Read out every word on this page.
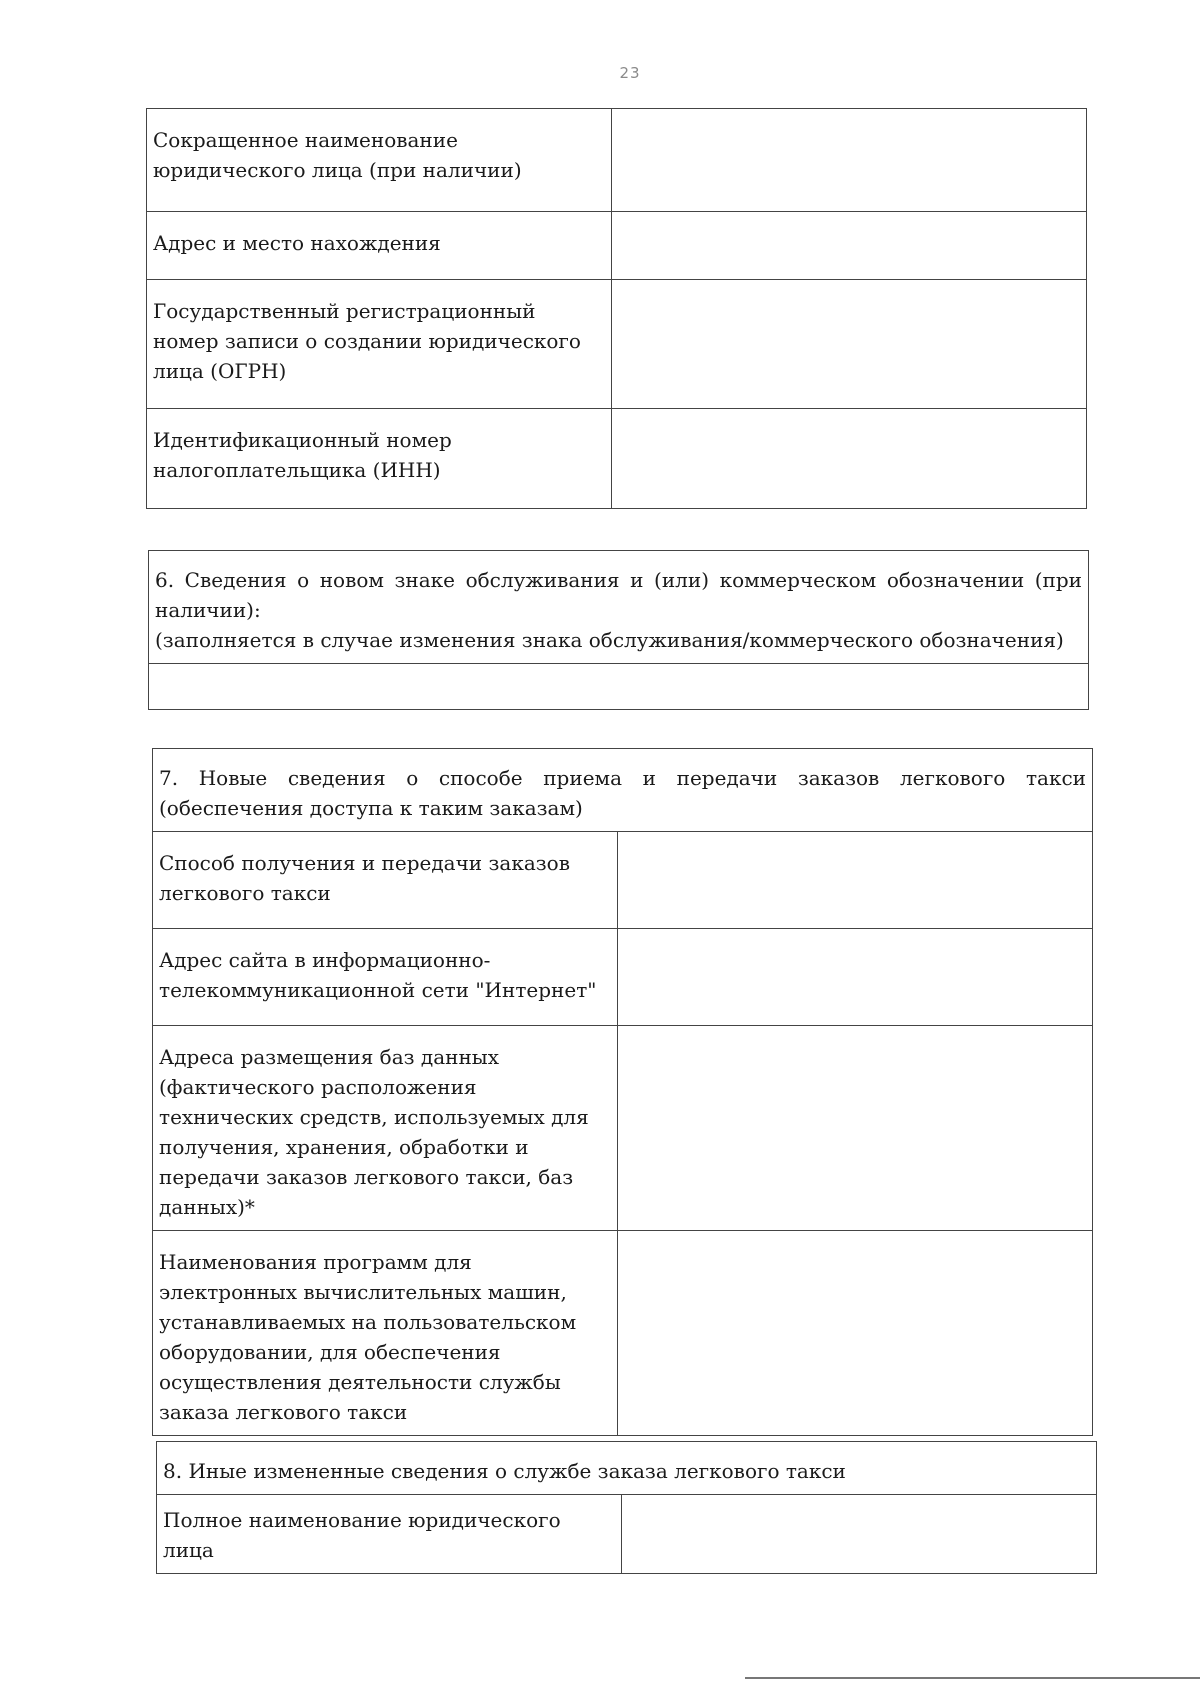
23
Сокращенное наименование юридического лица (при наличии)	
Адрес и место нахождения	
Государственный регистрационный номер записи о создании юридического лица (ОГРН)	
Идентификационный номер налогоплательщика (ИНН)	
6. Сведения о новом знаке обслуживания и (или) коммерческом обозначении (при наличии):
(заполняется в случае изменения знака обслуживания/коммерческого обозначения)

7. Новые сведения о способе приема и передачи заказов легкового такси (обеспечения доступа к таким заказам)	
Способ получения и передачи заказов легкового такси	
Адрес сайта в информационно-телекоммуникационной сети "Интернет"	
Адреса размещения баз данных (фактического расположения технических средств, используемых для получения, хранения, обработки и передачи заказов легкового такси, баз данных)*	
Наименования программ для электронных вычислительных машин, устанавливаемых на пользовательском оборудовании, для обеспечения осуществления деятельности службы заказа легкового такси	
8. Иные измененные сведения о службе заказа легкового такси
Полное наименование юридического лица	
